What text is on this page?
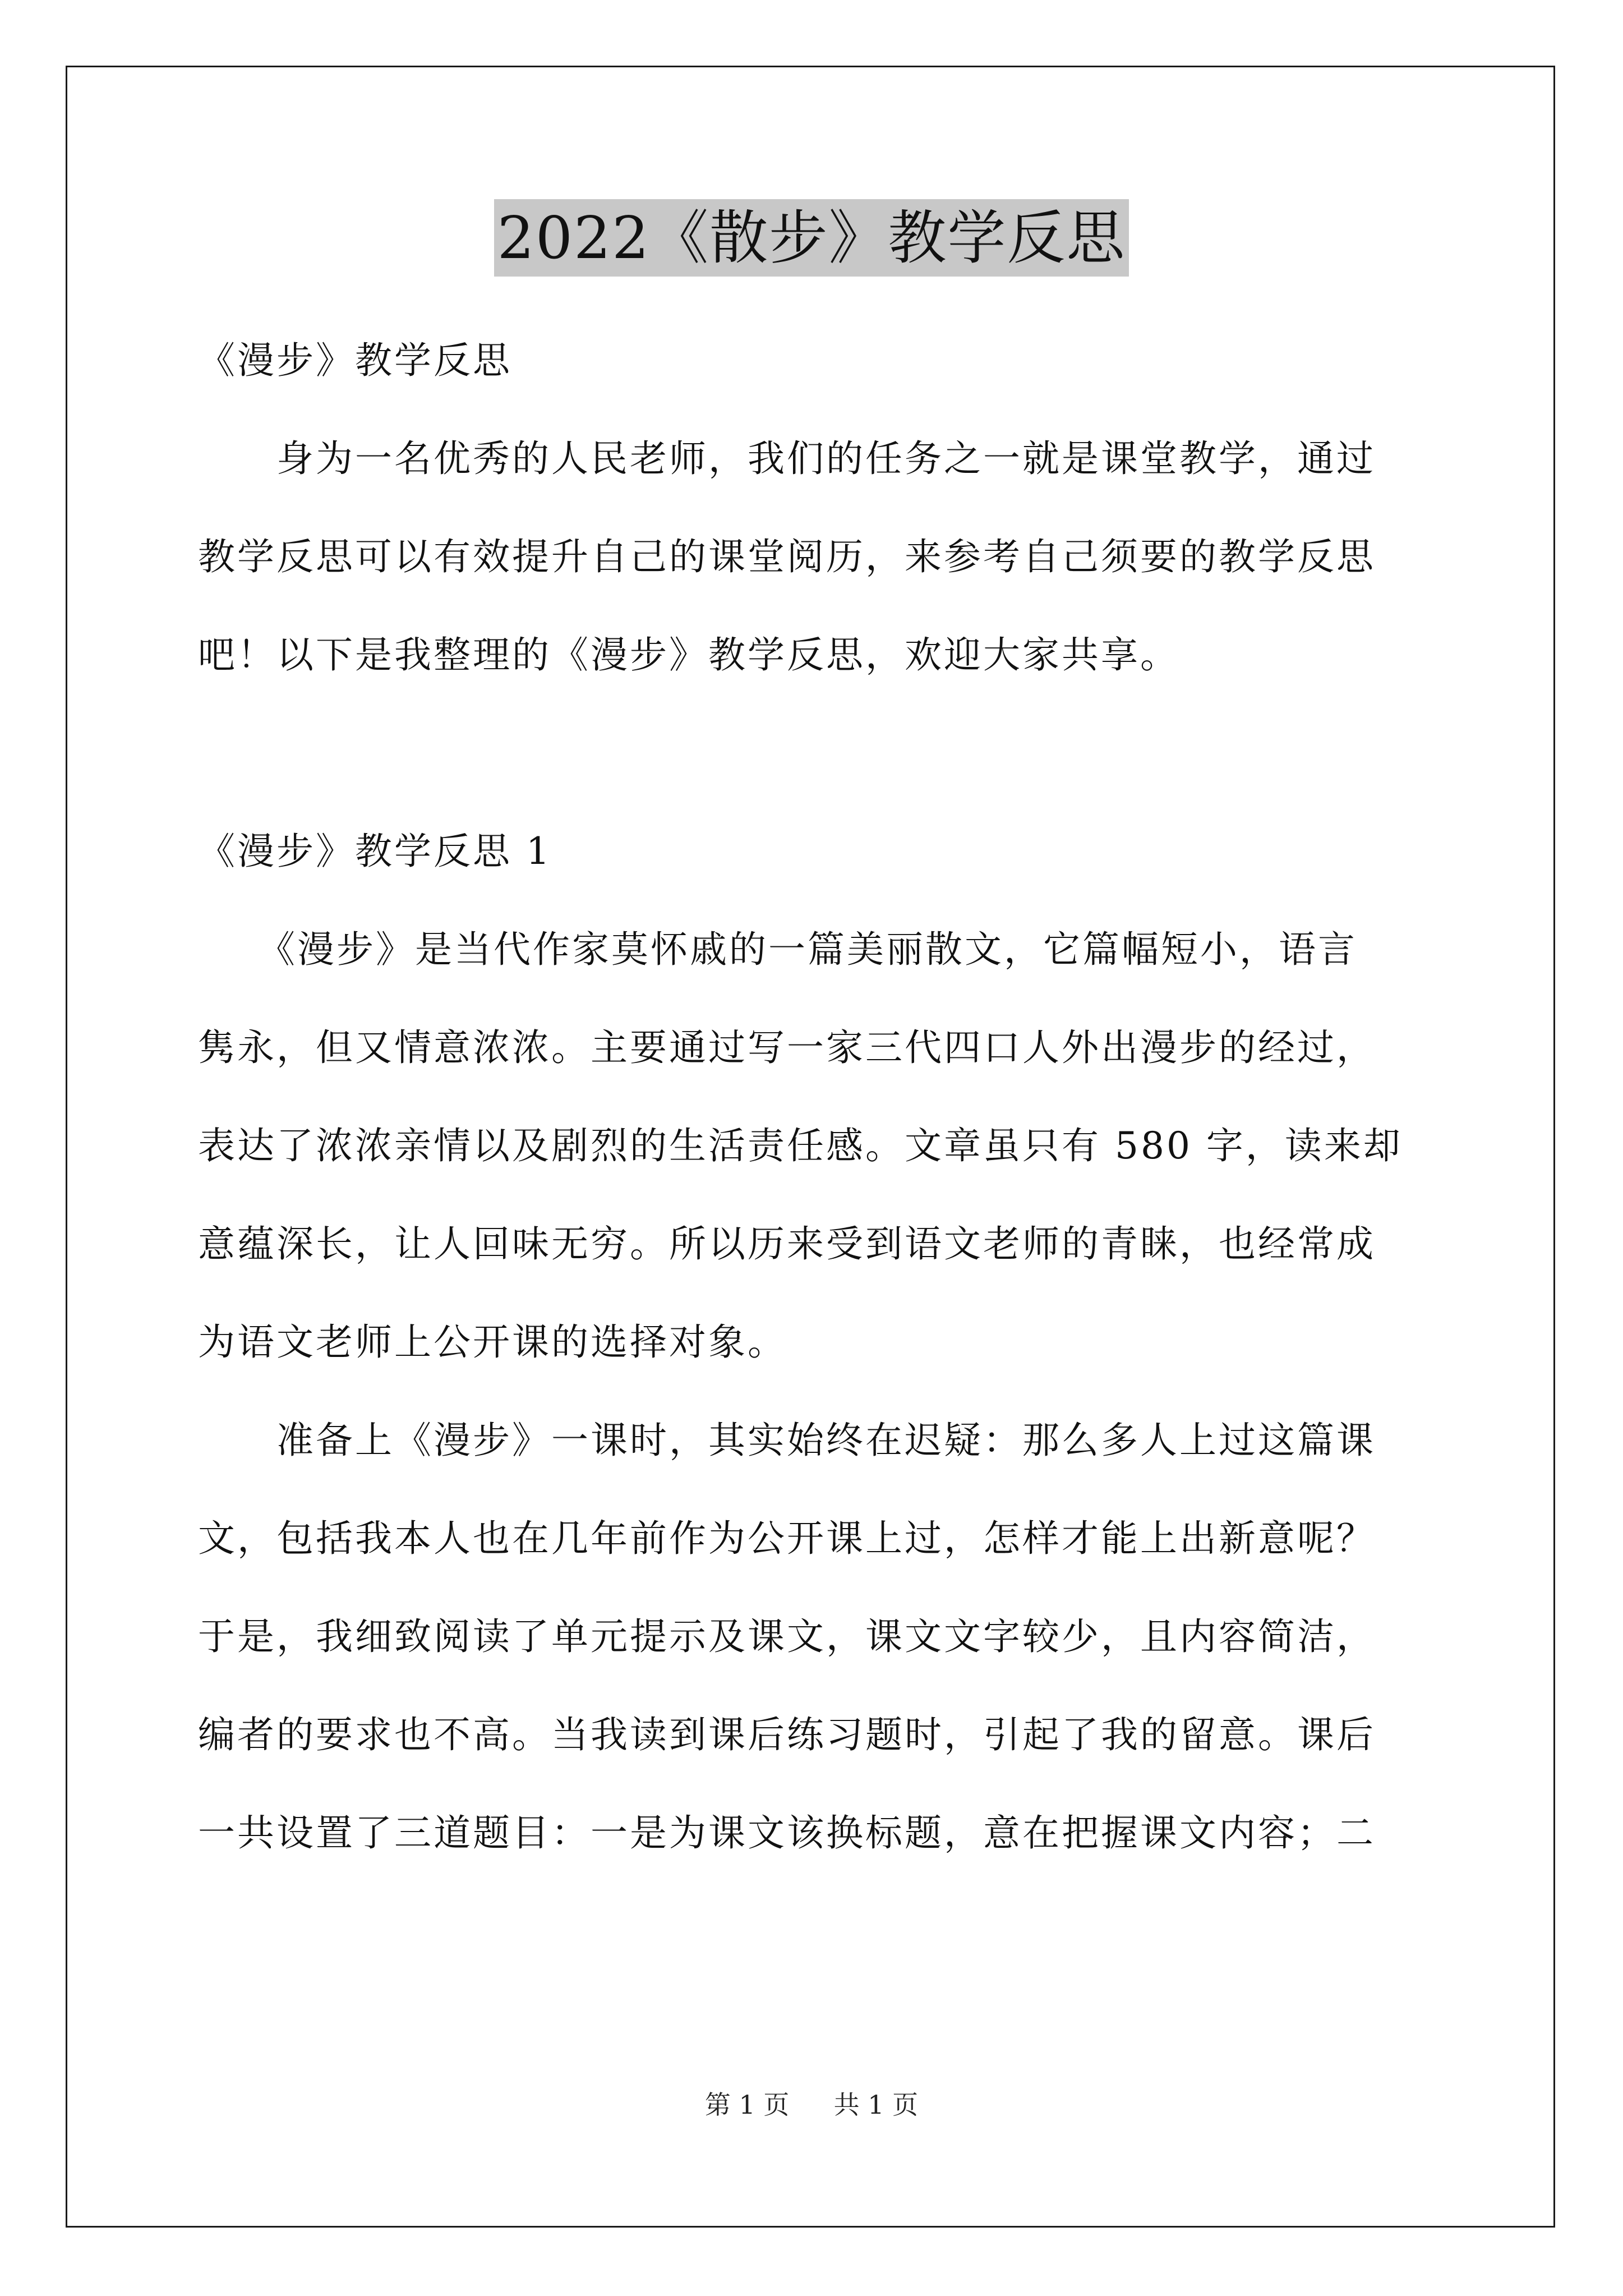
2022《散步》教学反思
《漫步》教学反思
　　身为一名优秀的人民老师，我们的任务之一就是课堂教学，通过
教学反思可以有效提升自己的课堂阅历，来参考自己须要的教学反思
吧！以下是我整理的《漫步》教学反思，欢迎大家共享。
《漫步》教学反思 1
　　《漫步》是当代作家莫怀戚的一篇美丽散文，它篇幅短小，语言
隽永，但又情意浓浓。主要通过写一家三代四口人外出漫步的经过，
表达了浓浓亲情以及剧烈的生活责任感。文章虽只有 580 字，读来却
意蕴深长，让人回味无穷。所以历来受到语文老师的青睐，也经常成
为语文老师上公开课的选择对象。
　　准备上《漫步》一课时，其实始终在迟疑：那么多人上过这篇课
文，包括我本人也在几年前作为公开课上过，怎样才能上出新意呢？
于是，我细致阅读了单元提示及课文，课文文字较少，且内容简洁，
编者的要求也不高。当我读到课后练习题时，引起了我的留意。课后
一共设置了三道题目：一是为课文该换标题，意在把握课文内容；二
第 1 页 共 1 页
